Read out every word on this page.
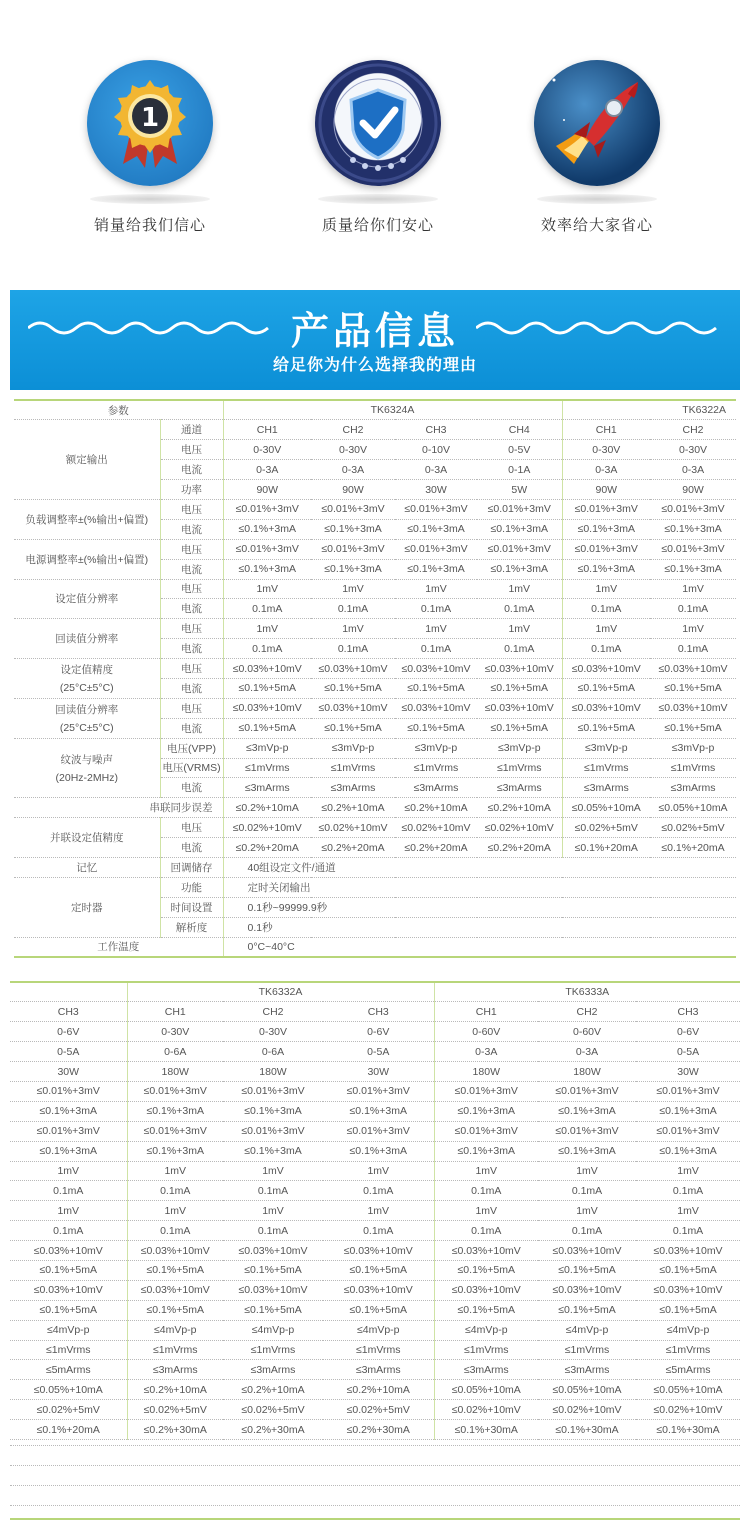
1
销量给我们信心	质量给你们安心	效率给大家省心
产品信息
给足你为什么选择我的理由
参数		TK6324A				TK6322A	
额定输出	通道	CH1	CH2	CH3	CH4	CH1	CH2
	电压	0-30V	0-30V	0-10V	0-5V	0-30V	0-30V
	电流	0-3A	0-3A	0-3A	0-1A	0-3A	0-3A
	功率	90W	90W	30W	5W	90W	90W
负载调整率±(%输出+偏置)	电压	≤0.01%+3mV	≤0.01%+3mV	≤0.01%+3mV	≤0.01%+3mV	≤0.01%+3mV	≤0.01%+3mV
	电流	≤0.1%+3mA	≤0.1%+3mA	≤0.1%+3mA	≤0.1%+3mA	≤0.1%+3mA	≤0.1%+3mA
电源调整率±(%输出+偏置)	电压	≤0.01%+3mV	≤0.01%+3mV	≤0.01%+3mV	≤0.01%+3mV	≤0.01%+3mV	≤0.01%+3mV
	电流	≤0.1%+3mA	≤0.1%+3mA	≤0.1%+3mA	≤0.1%+3mA	≤0.1%+3mA	≤0.1%+3mA
设定值分辨率	电压	1mV	1mV	1mV	1mV	1mV	1mV
	电流	0.1mA	0.1mA	0.1mA	0.1mA	0.1mA	0.1mA
回读值分辨率	电压	1mV	1mV	1mV	1mV	1mV	1mV
	电流	0.1mA	0.1mA	0.1mA	0.1mA	0.1mA	0.1mA

设定值精度
(25°C±5°C)	电压	≤0.03%+10mV	≤0.03%+10mV	≤0.03%+10mV	≤0.03%+10mV	≤0.03%+10mV	≤0.03%+10mV
	电流	≤0.1%+5mA	≤0.1%+5mA	≤0.1%+5mA	≤0.1%+5mA	≤0.1%+5mA	≤0.1%+5mA

回读值分辨率
(25°C±5°C)	电压	≤0.03%+10mV	≤0.03%+10mV	≤0.03%+10mV	≤0.03%+10mV	≤0.03%+10mV	≤0.03%+10mV
	电流	≤0.1%+5mA	≤0.1%+5mA	≤0.1%+5mA	≤0.1%+5mA	≤0.1%+5mA	≤0.1%+5mA

纹波与噪声
(20Hz-2MHz)	电压(VPP)	≤3mVp-p	≤3mVp-p	≤3mVp-p	≤3mVp-p	≤3mVp-p	≤3mVp-p
	电压(VRMS)	≤1mVrms	≤1mVrms	≤1mVrms	≤1mVrms	≤1mVrms	≤1mVrms
	电流	≤3mArms	≤3mArms	≤3mArms	≤3mArms	≤3mArms	≤3mArms
串联同步误差		≤0.2%+10mA	≤0.2%+10mA	≤0.2%+10mA	≤0.2%+10mA	≤0.05%+10mA	≤0.05%+10mA
并联设定值精度	电压	≤0.02%+10mV	≤0.02%+10mV	≤0.02%+10mV	≤0.02%+10mV	≤0.02%+5mV	≤0.02%+5mV
	电流	≤0.2%+20mA	≤0.2%+20mA	≤0.2%+20mA	≤0.2%+20mA	≤0.1%+20mA	≤0.1%+20mA
记忆	回调储存	40组设定文件/通道					
定时器	功能	定时关闭输出					
	时间设置	0.1秒~99999.9秒					
	解析度	0.1秒					
工作温度		0°C~40°C					
	TK6332A			TK6333A		
CH3	CH1	CH2	CH3	CH1	CH2	CH3
0-6V	0-30V	0-30V	0-6V	0-60V	0-60V	0-6V
0-5A	0-6A	0-6A	0-5A	0-3A	0-3A	0-5A
30W	180W	180W	30W	180W	180W	30W
≤0.01%+3mV	≤0.01%+3mV	≤0.01%+3mV	≤0.01%+3mV	≤0.01%+3mV	≤0.01%+3mV	≤0.01%+3mV
≤0.1%+3mA	≤0.1%+3mA	≤0.1%+3mA	≤0.1%+3mA	≤0.1%+3mA	≤0.1%+3mA	≤0.1%+3mA
≤0.01%+3mV	≤0.01%+3mV	≤0.01%+3mV	≤0.01%+3mV	≤0.01%+3mV	≤0.01%+3mV	≤0.01%+3mV
≤0.1%+3mA	≤0.1%+3mA	≤0.1%+3mA	≤0.1%+3mA	≤0.1%+3mA	≤0.1%+3mA	≤0.1%+3mA
1mV	1mV	1mV	1mV	1mV	1mV	1mV
0.1mA	0.1mA	0.1mA	0.1mA	0.1mA	0.1mA	0.1mA
1mV	1mV	1mV	1mV	1mV	1mV	1mV
0.1mA	0.1mA	0.1mA	0.1mA	0.1mA	0.1mA	0.1mA
≤0.03%+10mV	≤0.03%+10mV	≤0.03%+10mV	≤0.03%+10mV	≤0.03%+10mV	≤0.03%+10mV	≤0.03%+10mV
≤0.1%+5mA	≤0.1%+5mA	≤0.1%+5mA	≤0.1%+5mA	≤0.1%+5mA	≤0.1%+5mA	≤0.1%+5mA
≤0.03%+10mV	≤0.03%+10mV	≤0.03%+10mV	≤0.03%+10mV	≤0.03%+10mV	≤0.03%+10mV	≤0.03%+10mV
≤0.1%+5mA	≤0.1%+5mA	≤0.1%+5mA	≤0.1%+5mA	≤0.1%+5mA	≤0.1%+5mA	≤0.1%+5mA
≤4mVp-p	≤4mVp-p	≤4mVp-p	≤4mVp-p	≤4mVp-p	≤4mVp-p	≤4mVp-p
≤1mVrms	≤1mVrms	≤1mVrms	≤1mVrms	≤1mVrms	≤1mVrms	≤1mVrms
≤5mArms	≤3mArms	≤3mArms	≤3mArms	≤3mArms	≤3mArms	≤5mArms
≤0.05%+10mA	≤0.2%+10mA	≤0.2%+10mA	≤0.2%+10mA	≤0.05%+10mA	≤0.05%+10mA	≤0.05%+10mA
≤0.02%+5mV	≤0.02%+5mV	≤0.02%+5mV	≤0.02%+5mV	≤0.02%+10mV	≤0.02%+10mV	≤0.02%+10mV
≤0.1%+20mA	≤0.2%+30mA	≤0.2%+30mA	≤0.2%+30mA	≤0.1%+30mA	≤0.1%+30mA	≤0.1%+30mA
